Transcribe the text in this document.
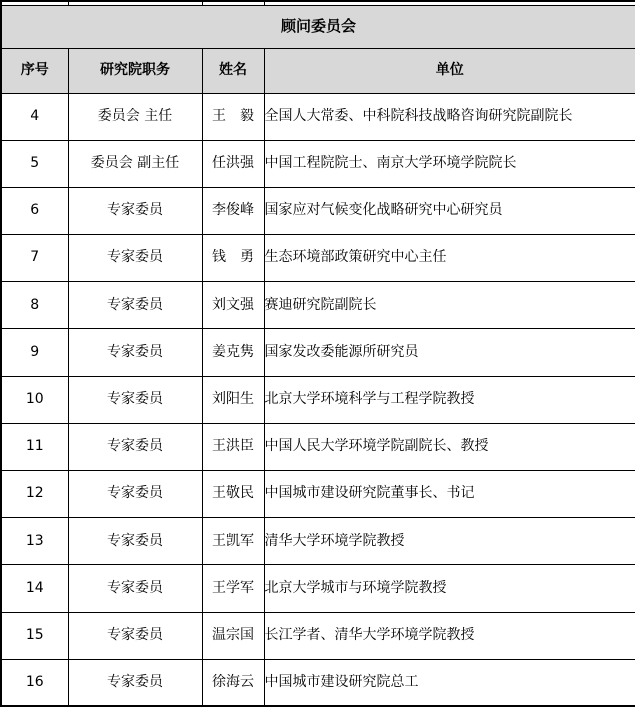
顾问委员会			
序号	研究院职务	姓名	单位
4	委员会 主任	王　毅	全国人大常委、中科院科技战略咨询研究院副院长
5	委员会 副主任	任洪强	中国工程院院士、南京大学环境学院院长
6	专家委员	李俊峰	国家应对气候变化战略研究中心研究员
7	专家委员	钱　勇	生态环境部政策研究中心主任
8	专家委员	刘文强	赛迪研究院副院长
9	专家委员	姜克隽	国家发改委能源所研究员
10	专家委员	刘阳生	北京大学环境科学与工程学院教授
11	专家委员	王洪臣	中国人民大学环境学院副院长、教授
12	专家委员	王敬民	中国城市建设研究院董事长、书记
13	专家委员	王凯军	清华大学环境学院教授
14	专家委员	王学军	北京大学城市与环境学院教授
15	专家委员	温宗国	长江学者、清华大学环境学院教授
16	专家委员	徐海云	中国城市建设研究院总工
